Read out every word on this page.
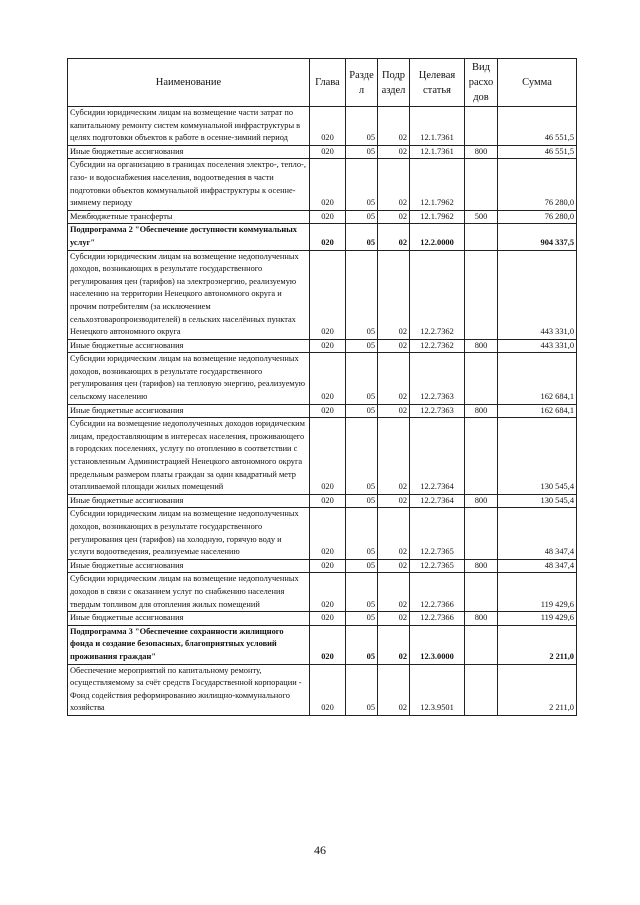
Наименование	Глава	Разде л	Подр аздел	Целевая статья	Вид расхо дов	Сумма
Субсидии юридическим лицам на возмещение части затрат по капитальному ремонту систем коммунальной инфраструктуры в целях подготовки объектов к работе в осенне-зимний период	020	05	02	12.1.7361		46 551,5
Иные бюджетные ассигнования	020	05	02	12.1.7361	800	46 551,5
Субсидии на организацию в границах поселения электро-, тепло-, газо- и водоснабжения населения, водоотведения в части подготовки объектов коммунальной инфраструктуры к осенне-зимнему периоду	020	05	02	12.1.7962		76 280,0
Межбюджетные трансферты	020	05	02	12.1.7962	500	76 280,0
Подпрограмма 2 "Обеспечение доступности коммунальных услуг"	020	05	02	12.2.0000		904 337,5
Субсидии юридическим лицам на возмещение недополученных доходов, возникающих в результате государственного регулирования цен (тарифов) на электроэнергию, реализуемую населению на территории Ненецкого автономного округа и прочим потребителям (за исключением сельхозтоваропроизводителей) в сельских населённых пунктах Ненецкого автономного округа	020	05	02	12.2.7362		443 331,0
Иные бюджетные ассигнования	020	05	02	12.2.7362	800	443 331,0
Субсидии юридическим лицам на возмещение недополученных доходов, возникающих в результате государственного регулирования цен (тарифов) на тепловую энергию, реализуемую сельскому населению	020	05	02	12.2.7363		162 684,1
Иные бюджетные ассигнования	020	05	02	12.2.7363	800	162 684,1
Субсидии на возмещение недополученных доходов юридическим лицам, предоставляющим в интересах населения, проживающего в городских поселениях, услугу по отоплению в соответствии с установленным Администрацией Ненецкого автономного округа предельным размером платы граждан за один квадратный метр отапливаемой площади жилых помещений	020	05	02	12.2.7364		130 545,4
Иные бюджетные ассигнования	020	05	02	12.2.7364	800	130 545,4
Субсидии юридическим лицам на возмещение недополученных доходов, возникающих в результате государственного регулирования цен (тарифов) на холодную, горячую воду и услуги водоотведения, реализуемые населению	020	05	02	12.2.7365		48 347,4
Иные бюджетные ассигнования	020	05	02	12.2.7365	800	48 347,4
Субсидии юридическим лицам на возмещение недополученных доходов в связи с оказанием услуг по снабжению населения твердым топливом для отопления жилых помещений	020	05	02	12.2.7366		119 429,6
Иные бюджетные ассигнования	020	05	02	12.2.7366	800	119 429,6
Подпрограмма 3 "Обеспечение сохранности жилищного фонда и создание безопасных, благоприятных условий проживания граждан"	020	05	02	12.3.0000		2 211,0
Обеспечение мероприятий по капитальному ремонту, осуществляемому за счёт средств Государственной корпорации - Фонд содействия реформированию жилищно-коммунального хозяйства	020	05	02	12.3.9501		2 211,0
46
